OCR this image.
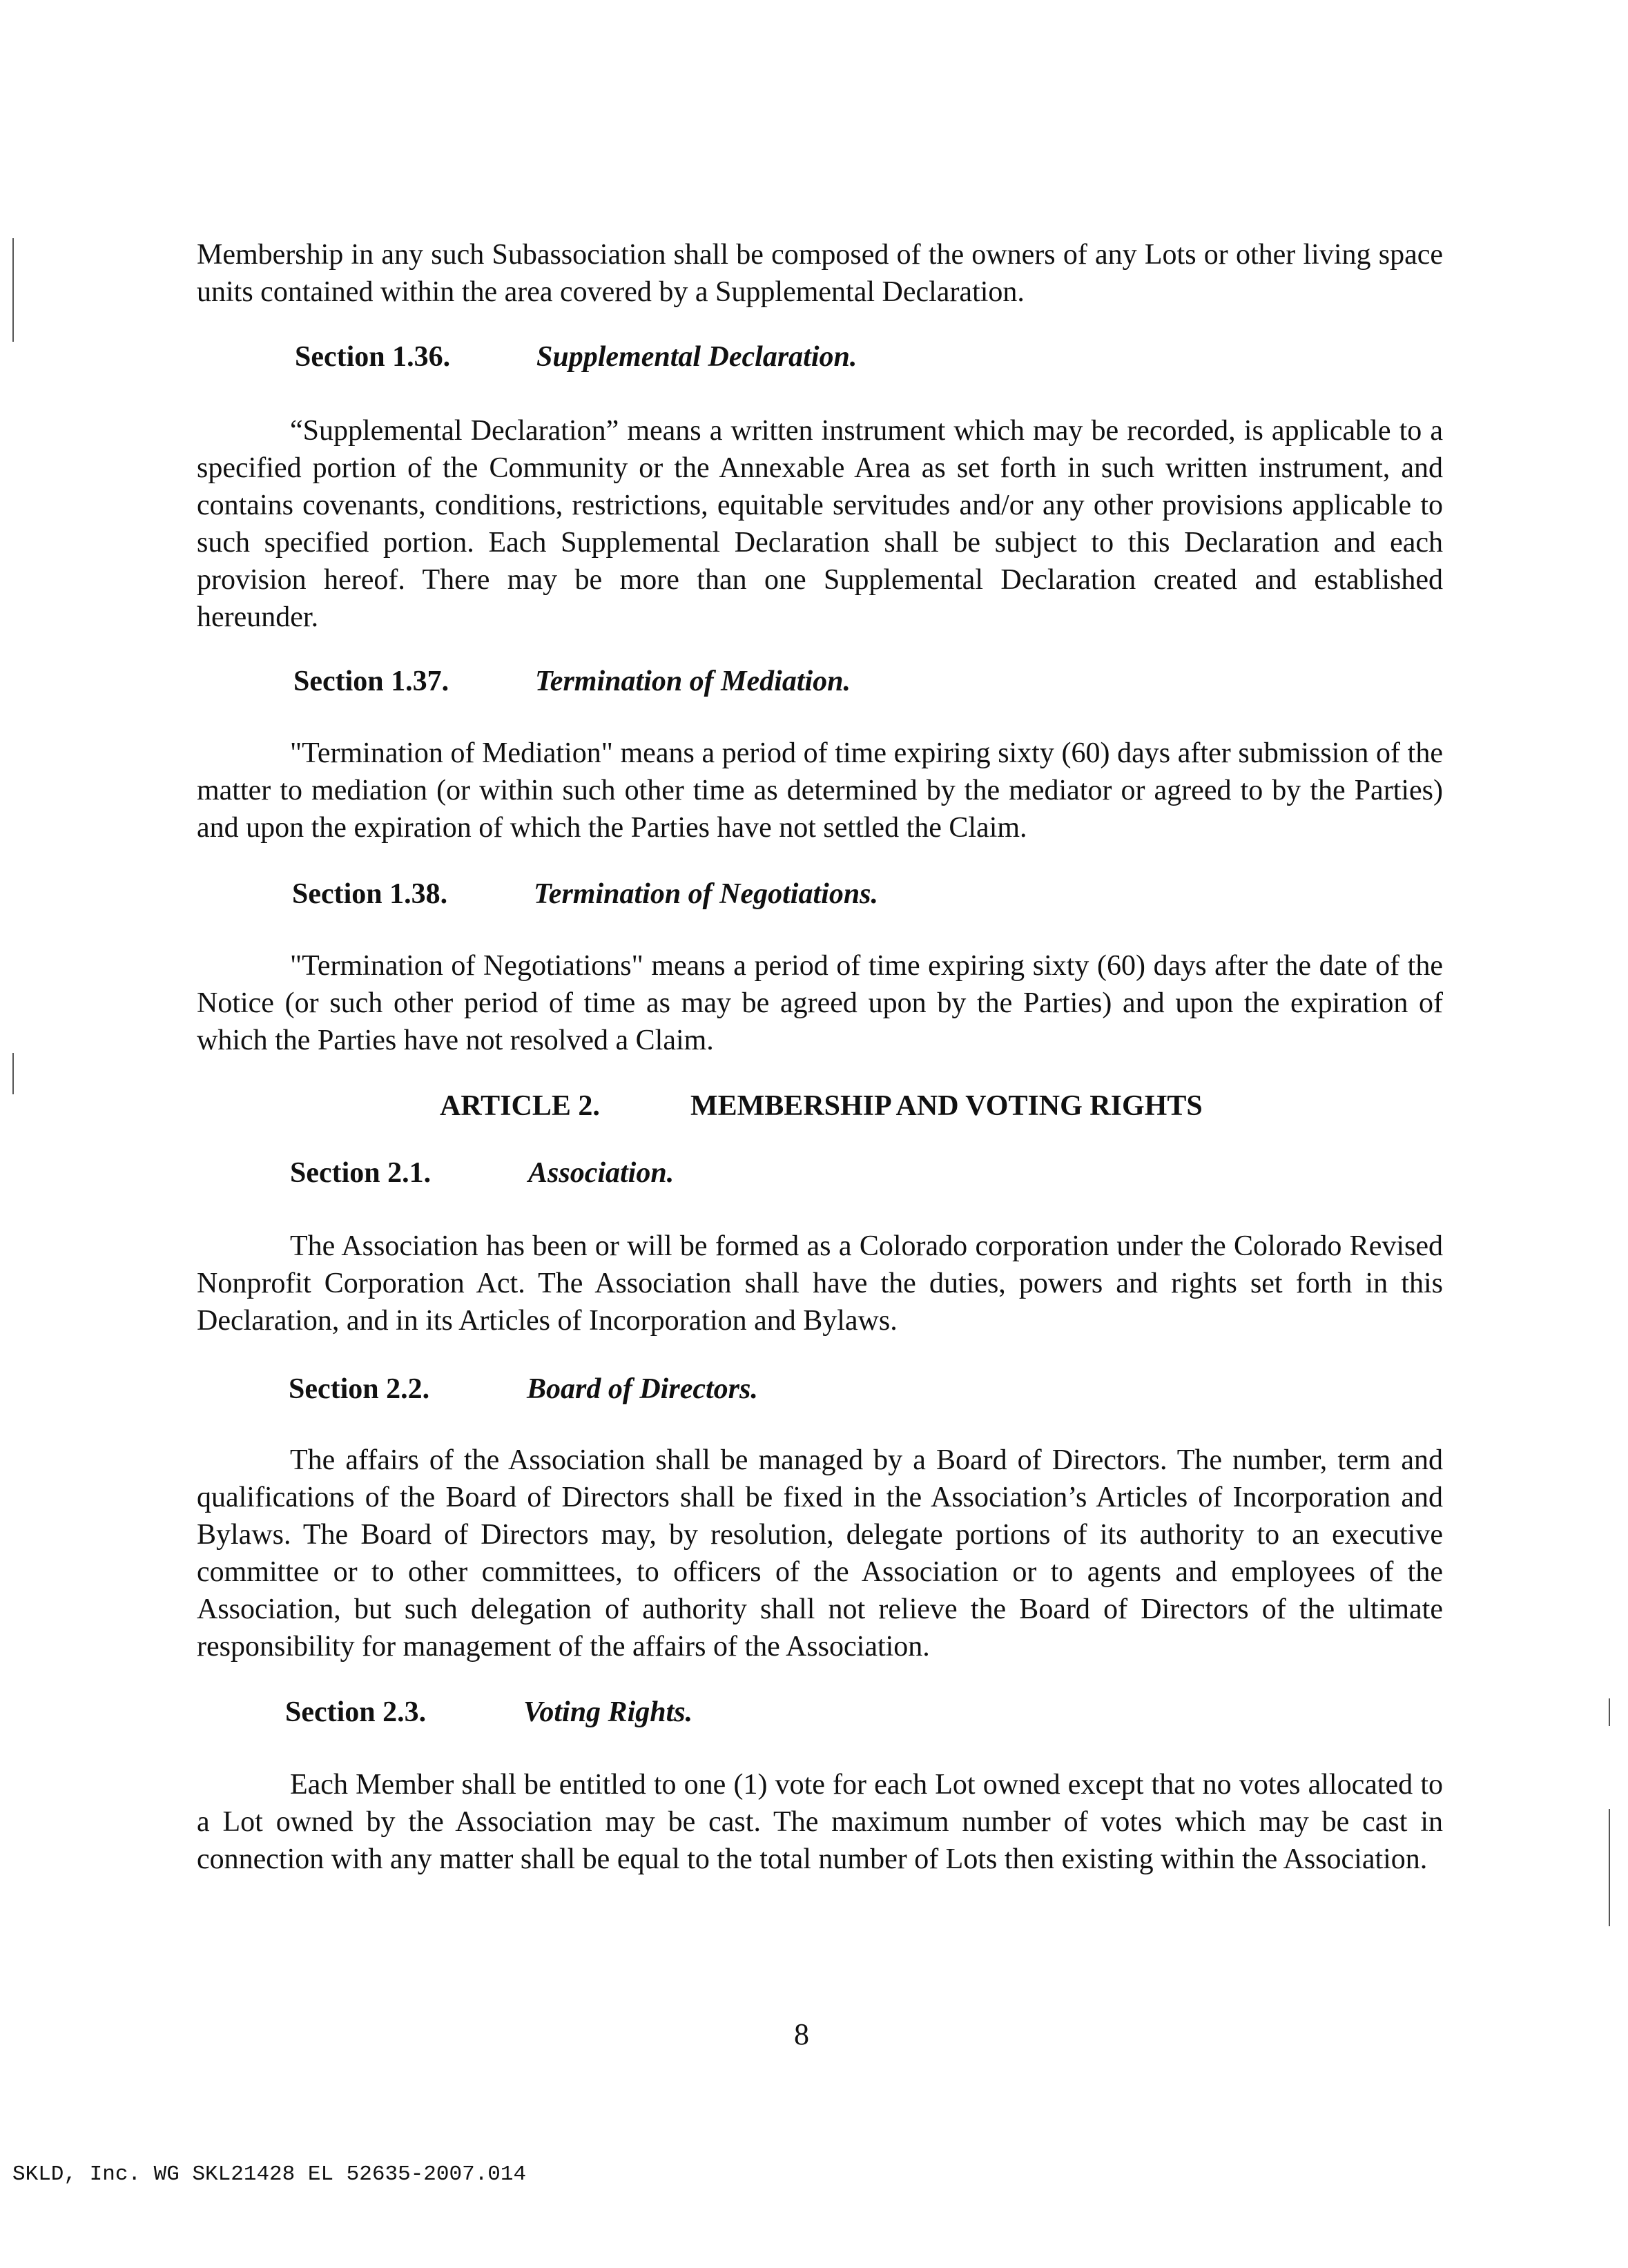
Membership in any such Subassociation shall be composed of the owners of any Lots or other living space units contained within the area covered by a Supplemental Declaration.

Section 1.36.	Supplemental Declaration.

“Supplemental Declaration” means a written instrument which may be recorded, is applicable to a specified portion of the Community or the Annexable Area as set forth in such written instrument, and contains covenants, conditions, restrictions, equitable servitudes and/or any other provisions applicable to such specified portion. Each Supplemental Declaration shall be subject to this Declaration and each provision hereof. There may be more than one Supplemental Declaration created and established hereunder.

Section 1.37.	Termination of Mediation.

"Termination of Mediation" means a period of time expiring sixty (60) days after submission of the matter to mediation (or within such other time as determined by the mediator or agreed to by the Parties) and upon the expiration of which the Parties have not settled the Claim.

Section 1.38.	Termination of Negotiations.

"Termination of Negotiations" means a period of time expiring sixty (60) days after the date of the Notice (or such other period of time as may be agreed upon by the Parties) and upon the expiration of which the Parties have not resolved a Claim.

ARTICLE 2.	MEMBERSHIP AND VOTING RIGHTS
Section 2.1.	Association.

The Association has been or will be formed as a Colorado corporation under the Colorado Revised Nonprofit Corporation Act. The Association shall have the duties, powers and rights set forth in this Declaration, and in its Articles of Incorporation and Bylaws.

Section 2.2.	Board of Directors.

The affairs of the Association shall be managed by a Board of Directors. The number, term and qualifications of the Board of Directors shall be fixed in the Association’s Articles of Incorporation and Bylaws. The Board of Directors may, by resolution, delegate portions of its authority to an executive committee or to other committees, to officers of the Association or to agents and employees of the Association, but such delegation of authority shall not relieve the Board of Directors of the ultimate responsibility for management of the affairs of the Association.

Section 2.3.	Voting Rights.

Each Member shall be entitled to one (1) vote for each Lot owned except that no votes allocated to a Lot owned by the Association may be cast. The maximum number of votes which may be cast in connection with any matter shall be equal to the total number of Lots then existing within the Association.

8
SKLD, Inc. WG SKL21428 EL 52635-2007.014
